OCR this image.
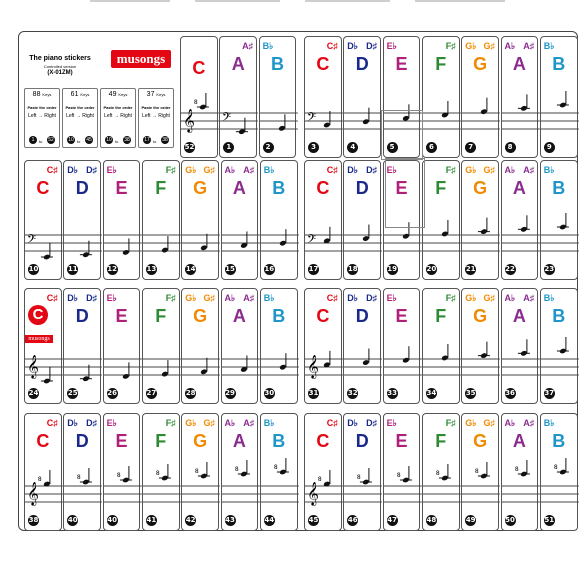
The piano stickers
Controlled version
(X-01ZM)
musongs
88 Keys
Paste the order
Left → Right
1	to 52
61 Keys
Paste the order
Left → Right
10 to 45
49 Keys
Paste the order
Left → Right
10 to 38
37 Keys
Paste the order
Left → Right
17 to 38
C
𝄞
8
52
A
A♯
𝄢
1
B
B♭
2
C
C♯
𝄢
3
D
D♭ D♯
4
E
E♭
5
F
F♯
6
G
G♭ G♯
7
A
A♭ A♯
8
B
B♭
9
C
C♯
𝄢
10
D
D♭ D♯
11
E
E♭
12
F
F♯
13
G
G♭ G♯
14
A
A♭ A♯
15
B
B♭
16
C
C♯
𝄢
17
D
D♭ D♯
18
E
E♭
19
F
F♯
20
G
G♭ G♯
21
A
A♭ A♯
22
B
B♭
23
C♯
𝄞
24
D
D♭ D♯
25
E
E♭
26
F
F♯
27
G
G♭ G♯
28
A
A♭ A♯
29
B
B♭
30
C
C♯
𝄞
31
D
D♭ D♯
32
E
E♭
33
F
F♯
34
G
G♭ G♯
35
A
A♭ A♯
36
B
B♭
37
C
C♯
𝄞
8
38
D
D♭ D♯
8
40
E
E♭
8
40
F
F♯
8
41
G
G♭ G♯
8
42
A
A♭ A♯
8
43
B
B♭
8
44
C
C♯
𝄞
8
45
D
D♭ D♯
8
46
E
E♭
8
47
F
F♯
8
48
G
G♭ G♯
8
49
A
A♭ A♯
8
50
B
B♭
8
51
C
musongs
